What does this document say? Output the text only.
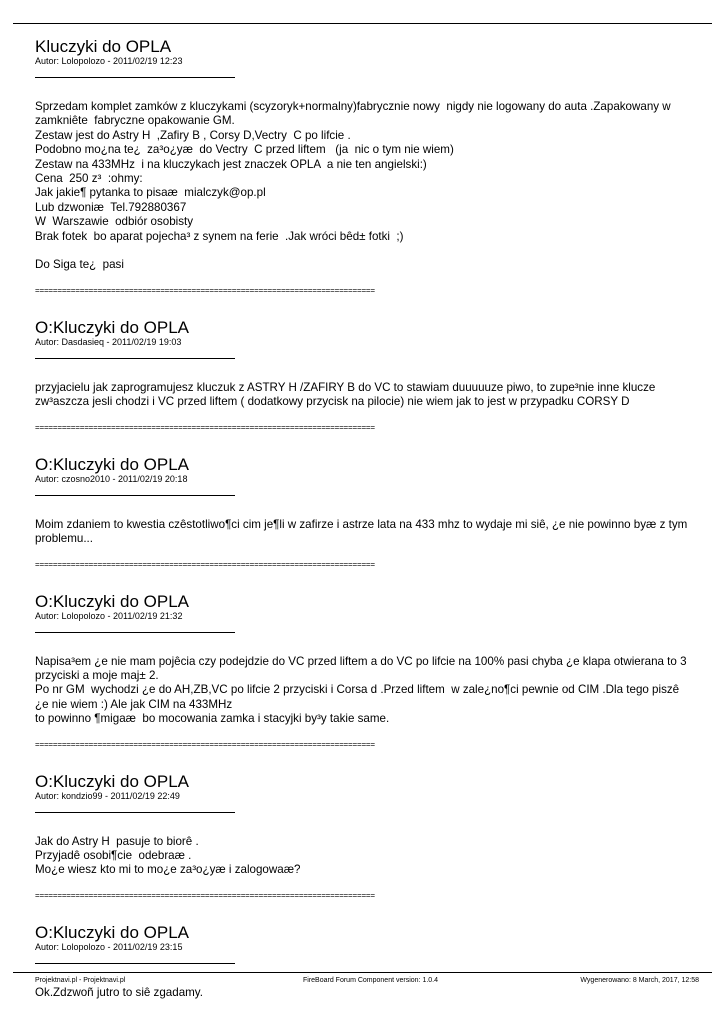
Kluczyki do OPLA

Autor: Lolopolozo - 2011/02/19 12:23

Sprzedam komplet zamków z kluczykami (scyzoryk+normalny)fabrycznie nowy  nigdy nie logowany do auta .Zapakowany w zamkniête  fabryczne opakowanie GM.
Zestaw jest do Astry H  ,Zafiry B , Corsy D,Vectry  C po lifcie .
Podobno mo¿na te¿  za³o¿yæ  do Vectry  C przed liftem   (ja  nic o tym nie wiem)
Zestaw na 433MHz  i na kluczykach jest znaczek OPLA  a nie ten angielski:)
Cena  250 z³  :ohmy:
Jak jakie¶ pytanka to pisaæ  mialczyk@op.pl
Lub dzwoniæ  Tel.792880367
W  Warszawie  odbiór osobisty
Brak fotek  bo aparat pojecha³ z synem na ferie  .Jak wróci bêd± fotki  ;)

Do Siga te¿  pasi

============================================================================
O:Kluczyki do OPLA

Autor: Dasdasieq - 2011/02/19 19:03

przyjacielu jak zaprogramujesz kluczuk z ASTRY H /ZAFIRY B do VC to stawiam duuuuuze piwo, to zupe³nie inne klucze zw³aszcza jesli chodzi i VC przed liftem ( dodatkowy przycisk na pilocie) nie wiem jak to jest w przypadku CORSY D

============================================================================
O:Kluczyki do OPLA

Autor: czosno2010 - 2011/02/19 20:18

Moim zdaniem to kwestia czêstotliwo¶ci cim je¶li w zafirze i astrze lata na 433 mhz to wydaje mi siê, ¿e nie powinno byæ z tym problemu...

============================================================================
O:Kluczyki do OPLA

Autor: Lolopolozo - 2011/02/19 21:32

Napisa³em ¿e nie mam pojêcia czy podejdzie do VC przed liftem a do VC po lifcie na 100% pasi chyba ¿e klapa otwierana to 3 przyciski a moje maj± 2.
Po nr GM  wychodzi ¿e do AH,ZB,VC po lifcie 2 przyciski i Corsa d .Przed liftem  w zale¿no¶ci pewnie od CIM .Dla tego piszê ¿e nie wiem :) Ale jak CIM na 433MHz
to powinno ¶migaæ  bo mocowania zamka i stacyjki by³y takie same.

============================================================================
O:Kluczyki do OPLA

Autor: kondzio99 - 2011/02/19 22:49

Jak do Astry H  pasuje to biorê .
Przyjadê osobi¶cie  odebraæ .
Mo¿e wiesz kto mi to mo¿e za³o¿yæ i zalogowaæ?

============================================================================
O:Kluczyki do OPLA

Autor: Lolopolozo - 2011/02/19 23:15

Ok.Zdzwoñ jutro to siê zgadamy.

Projektnavi.pl - Projektnavi.pl	FireBoard Forum Component version: 1.0.4	Wygenerowano: 8 March, 2017, 12:58
